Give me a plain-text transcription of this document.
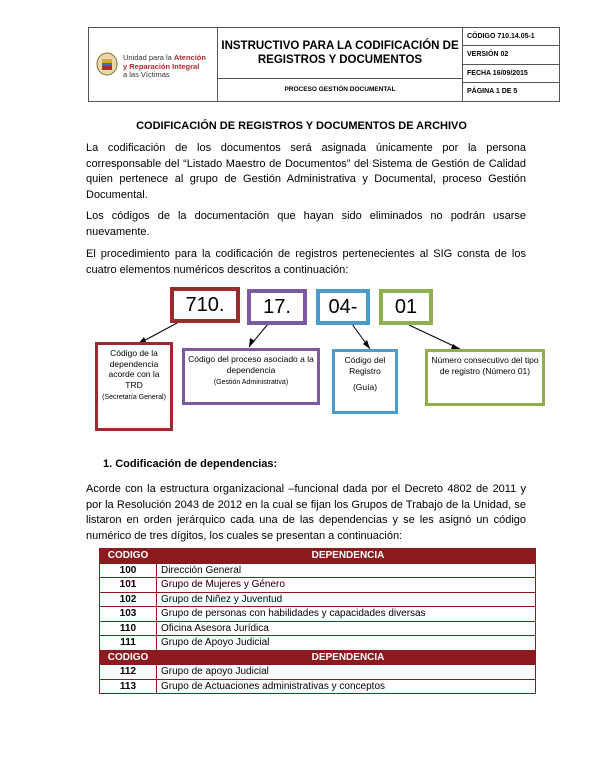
Unidad para la Atención
y Reparación Integral
a las Víctimas
INSTRUCTIVO PARA LA CODIFICACIÓN DE REGISTROS Y DOCUMENTOS
PROCESO GESTIÓN DOCUMENTAL
CÓDIGO 710.14.05-1
VERSIÓN 02
FECHA 16/09/2015
PÁGINA 1 DE 5
CODIFICACIÓN DE REGISTROS Y DOCUMENTOS DE ARCHIVO
La codificación de los documentos será asignada únicamente por la persona corresponsable del “Listado Maestro de Documentos” del Sistema de Gestión de Calidad quien pertenece al grupo de Gestión Administrativa y Documental, proceso Gestión Documental.
Los códigos de la documentación que hayan sido eliminados no podrán usarse nuevamente.
El procedimiento para la codificación de registros pertenecientes al SIG consta de los cuatro elementos numéricos descritos a continuación:
710.	17.	04-	01
Código de la dependencia acorde con la TRD
(Secretaría General)
Código del proceso asociado a la dependencia
(Gestión Administrativa)
Código del Registro
(Guía)
Número consecutivo del tipo de registro (Número 01)
1. Codificación de dependencias:
Acorde con la estructura organizacional –funcional dada por el Decreto 4802 de 2011 y por la Resolución 2043 de 2012 en la cual se fijan los Grupos de Trabajo de la Unidad, se listaron en orden jerárquico cada una de las dependencias y se les asignó un código numérico de tres dígitos, los cuales se presentan a continuación:
CODIGO	DEPENDENCIA
100	Dirección General
101	Grupo de Mujeres y Género
102	Grupo de Niñez y Juventud
103	Grupo de personas con habilidades y capacidades diversas
110	Oficina Asesora Jurídica
111	Grupo de Apoyo Judicial
CODIGO	DEPENDENCIA
112	Grupo de apoyo Judicial
113	Grupo de Actuaciones administrativas y conceptos
